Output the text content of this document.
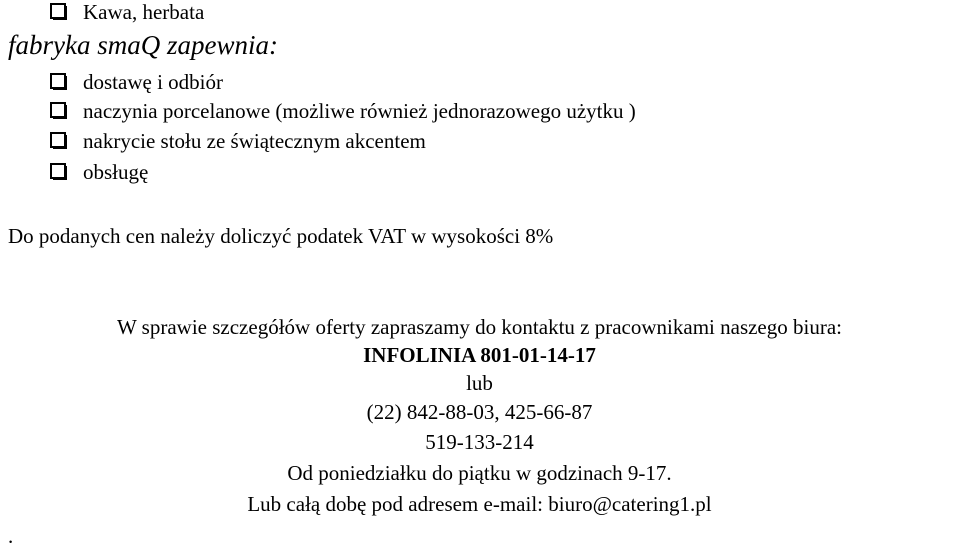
Kawa, herbata
fabryka smaQ zapewnia:
dostawę i odbiór
naczynia porcelanowe (możliwe również jednorazowego użytku )
nakrycie stołu ze świątecznym akcentem
obsługę
Do podanych cen należy doliczyć podatek VAT w wysokości 8%
W sprawie szczegółów oferty zapraszamy do kontaktu z pracownikami naszego biura:
INFOLINIA 801-01-14-17
lub
(22) 842-88-03, 425-66-87
519-133-214
Od poniedziałku do piątku w godzinach 9-17.
Lub całą dobę pod adresem e-mail: biuro@catering1.pl
.
